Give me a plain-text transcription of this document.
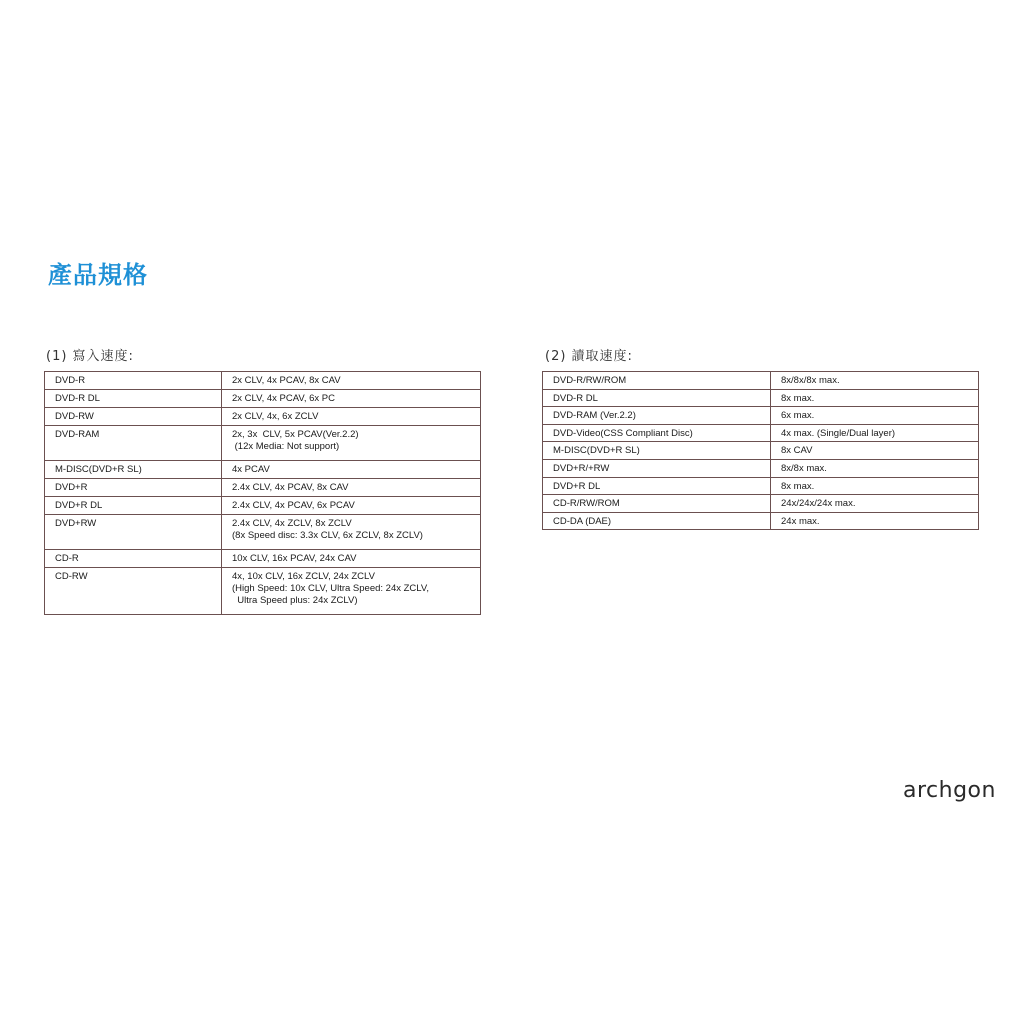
產品規格

(1) 寫入速度:	(2) 讀取速度:

DVD-R	2x CLV, 4x PCAV, 8x CAV

DVD-R DL	2x CLV, 4x PCAV, 6x PC

DVD-RW	2x CLV, 4x, 6x ZCLV

DVD-RAM	2x, 3x  CLV, 5x PCAV(Ver.2.2)
(12x Media: Not support)

M-DISC(DVD+R SL)	4x PCAV

DVD+R	2.4x CLV, 4x PCAV, 8x CAV

DVD+R DL	2.4x CLV, 4x PCAV, 6x PCAV

DVD+RW	2.4x CLV, 4x ZCLV, 8x ZCLV
(8x Speed disc: 3.3x CLV, 6x ZCLV, 8x ZCLV)

CD-R	10x CLV, 16x PCAV, 24x CAV

CD-RW	4x, 10x CLV, 16x ZCLV, 24x ZCLV
(High Speed: 10x CLV, Ultra Speed: 24x ZCLV,
Ultra Speed plus: 24x ZCLV)
DVD-R/RW/ROM	8x/8x/8x max.

DVD-R DL	8x max.

DVD-RAM (Ver.2.2)	6x max.

DVD-Video(CSS Compliant Disc)	4x max. (Single/Dual layer)

M-DISC(DVD+R SL)	8x CAV

DVD+R/+RW	8x/8x max.

DVD+R DL	8x max.

CD-R/RW/ROM	24x/24x/24x max.

CD-DA (DAE)	24x max.
archgon
